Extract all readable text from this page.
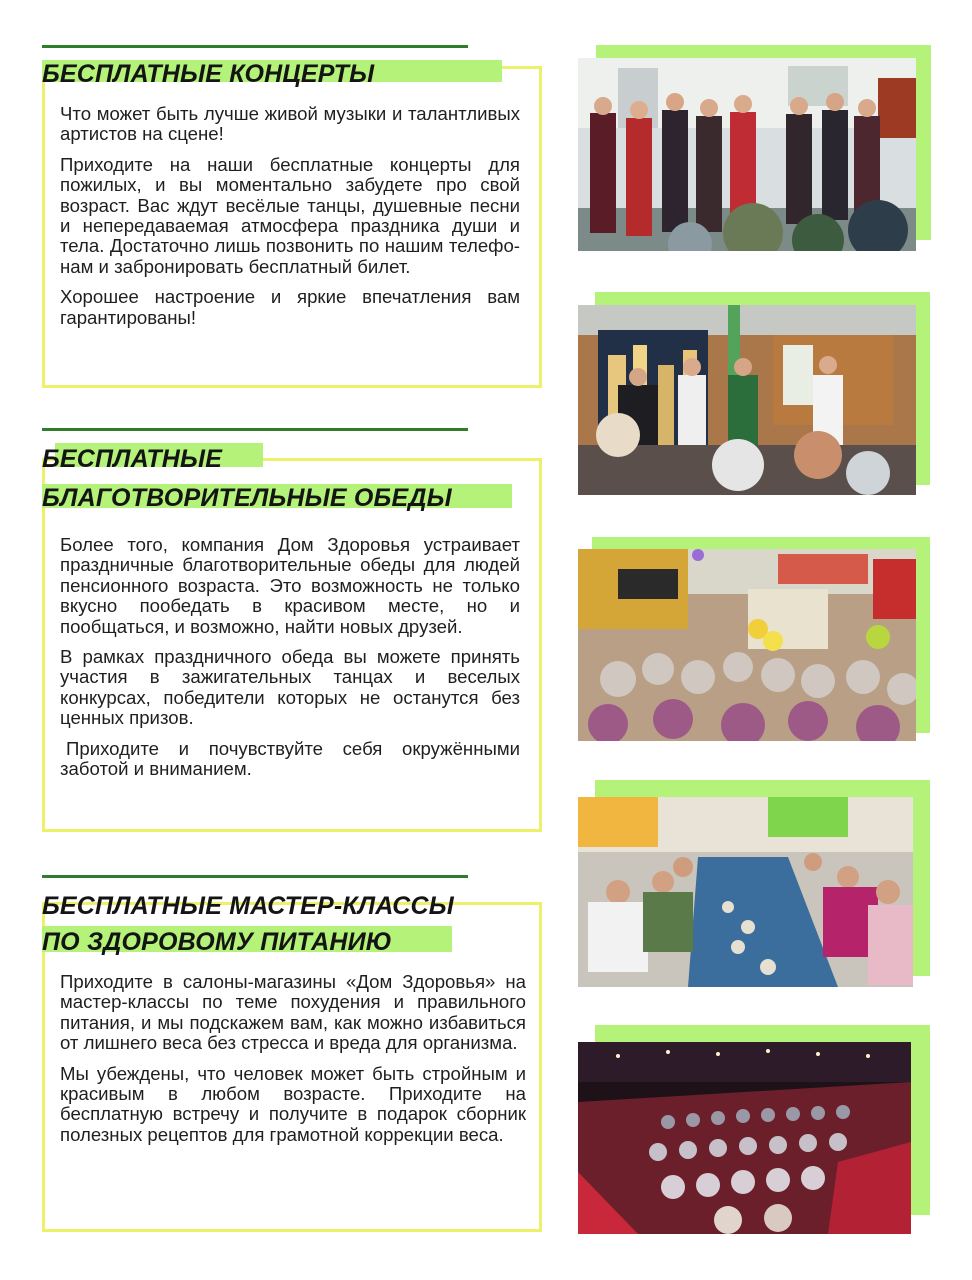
БЕСПЛАТНЫЕ КОНЦЕРТЫ

Что может быть лучше живой музыки и талантливых артистов на сцене!

Приходите на наши бесплатные концерты для пожилых, и вы моментально забудете про свой возраст. Вас ждут весёлые танцы, душевные песни и непередаваемая атмосфера праздника души и тела. Достаточно лишь позвонить по нашим телефонам и забронировать бесплатный билет.

Хорошее настроение и яркие впечатления вам гарантированы!

БЕСПЛАТНЫЕ
БЛАГОТВОРИТЕЛЬНЫЕ ОБЕДЫ

Более того, компания Дом Здоровья устраивает праздничные благотворительные обеды для людей пенсионного возраста. Это возможность не только вкусно пообедать в красивом месте, но и пообщаться, и возможно, найти новых друзей.

В рамках праздничного обеда вы можете принять участия в зажигательных танцах и веселых конкурсах, победители которых не останутся без ценных призов.

Приходите и почувствуйте себя окружёнными заботой и вниманием.

БЕСПЛАТНЫЕ МАСТЕР-КЛАССЫ
ПО ЗДОРОВОМУ ПИТАНИЮ

Приходите в салоны-магазины «Дом Здоровья» на мастер-классы по теме похудения и правильного питания, и мы подскажем вам, как можно избавиться от лишнего веса без стресса и вреда для организма.

Мы убеждены, что человек может быть стройным и красивым в любом возрасте. Приходите на бесплатную встречу и получите в подарок сборник полезных рецептов для грамотной коррекции веса.
